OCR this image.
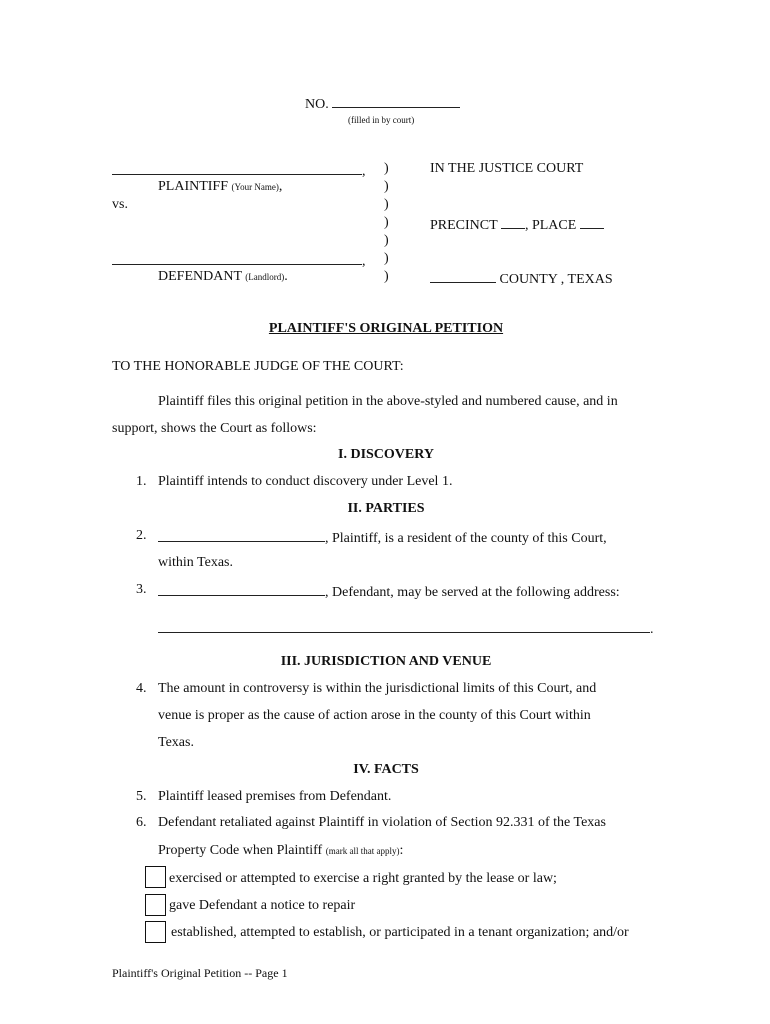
NO.
(filled in by court)
,
PLAINTIFF (Your Name),
vs.
,
DEFENDANT (Landlord).
)
)
)
)
)
)
)
IN THE JUSTICE COURT
PRECINCT , PLACE
COUNTY , TEXAS
PLAINTIFF'S ORIGINAL PETITION
TO THE HONORABLE JUDGE OF THE COURT:
Plaintiff files this original petition in the above-styled and numbered cause, and in
support, shows the Court as follows:
I. DISCOVERY
1. Plaintiff intends to conduct discovery under Level 1.
II. PARTIES
2.	, Plaintiff, is a resident of the county of this Court,
within Texas.
3.	, Defendant, may be served at the following address:
.
III. JURISDICTION AND VENUE
4. The amount in controversy is within the jurisdictional limits of this Court, and
venue is proper as the cause of action arose in the county of this Court within
Texas.
IV. FACTS
5. Plaintiff leased premises from Defendant.
6. Defendant retaliated against Plaintiff in violation of Section 92.331 of the Texas
Property Code when Plaintiff (mark all that apply):
exercised or attempted to exercise a right granted by the lease or law;
gave Defendant a notice to repair
established, attempted to establish, or participated in a tenant organization; and/or
Plaintiff's Original Petition -- Page 1
